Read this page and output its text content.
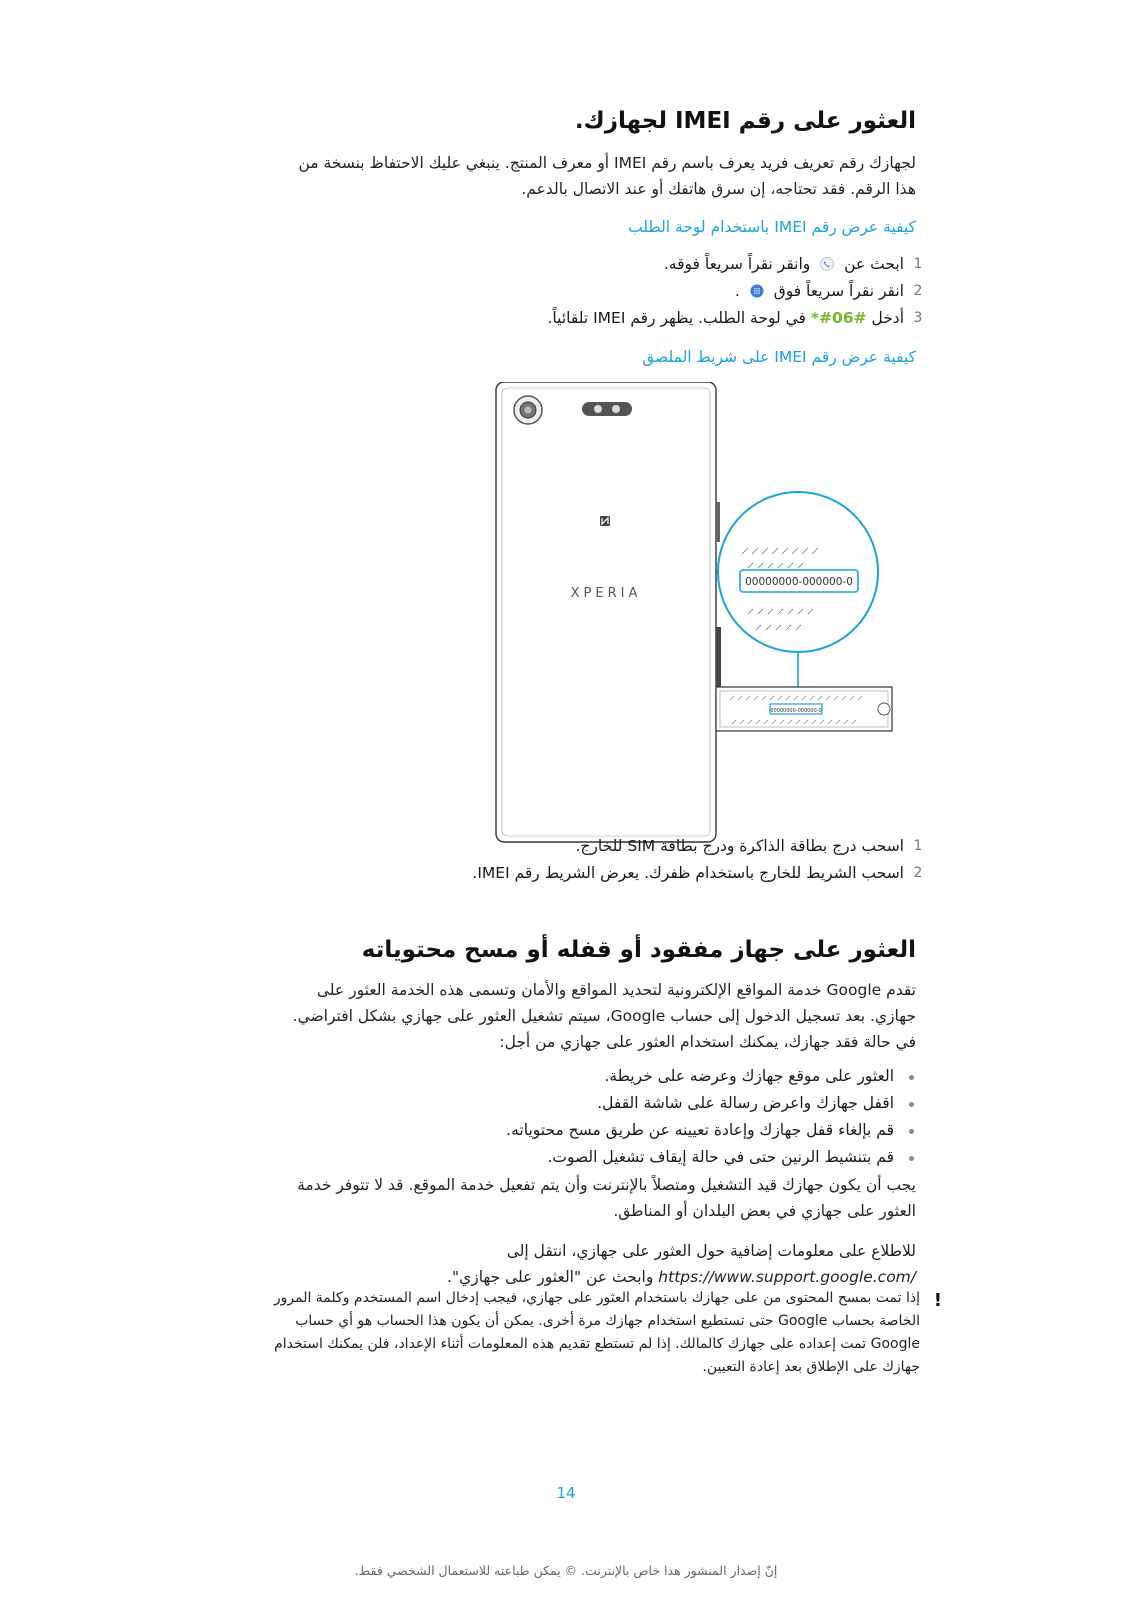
العثور على رقم IMEI لجهازك.

لجهازك رقم تعريف فريد يعرف باسم رقم IMEI أو معرف المنتج. ينبغي عليك الاحتفاظ بنسخة من

هذا الرقم. فقد تحتاجه، إن سرق هاتفك أو عند الاتصال بالدعم.

كيفية عرض رقم IMEI باستخدام لوحة الطلب

ابحث عن  وانقر نقراً سريعاً فوقه.	1
انقر نقراً سريعاً فوق  .	2
أدخل *#06# في لوحة الطلب. يظهر رقم IMEI تلقائياً.	3

كيفية عرض رقم IMEI على شريط الملصق

XPERIA
00000000-000000-0
00000000-000000-0
اسحب درج بطاقة الذاكرة ودرج بطاقة SIM للخارج. 1
اسحب الشريط للخارج باستخدام ظفرك. يعرض الشريط رقم IMEI. 2
العثور على جهاز مفقود أو قفله أو مسح محتوياته

تقدم Google خدمة المواقع الإلكترونية لتحديد المواقع والأمان وتسمى هذه الخدمة العثور على

جهازي. بعد تسجيل الدخول إلى حساب Google، سيتم تشغيل العثور على جهازي بشكل افتراضي.

في حالة فقد جهازك، يمكنك استخدام العثور على جهازي من أجل:

العثور على موقع جهازك وعرضه على خريطة.
اقفل جهازك واعرض رسالة على شاشة القفل.
قم بإلغاء قفل جهازك وإعادة تعيينه عن طريق مسح محتوياته.
قم بتنشيط الرنين حتى في حالة إيقاف تشغيل الصوت.

يجب أن يكون جهازك قيد التشغيل ومتصلاً بالإنترنت وأن يتم تفعيل خدمة الموقع. قد لا تتوفر خدمة

العثور على جهازي في بعض البلدان أو المناطق.

للاطلاع على معلومات إضافية حول العثور على جهازي، انتقل إلى

https://www.support.google.com/ وابحث عن "العثور على جهازي".

!
إذا تمت بمسح المحتوى من على جهازك باستخدام العثور على جهازي، فيجب إدخال اسم المستخدم وكلمة المرور
الخاصة بحساب Google حتى تستطيع استخدام جهازك مرة أخرى. يمكن أن يكون هذا الحساب هو أي حساب
Google تمت إعداده على جهازك كالمالك. إذا لم تستطع تقديم هذه المعلومات أثناء الإعداد، فلن يمكنك استخدام
جهازك على الإطلاق بعد إعادة التعيين.
14
إنّ إصدار المنشور هذا خاص بالإنترنت. © يمكن طباعته للاستعمال الشخصي فقط.
